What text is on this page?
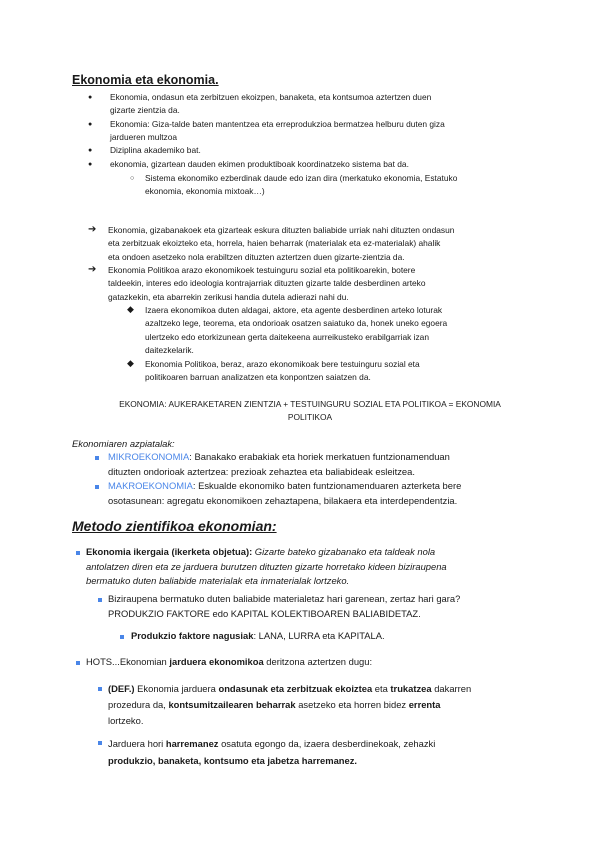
Ekonomia eta ekonomia.
● Ekonomia, ondasun eta zerbitzuen ekoizpen, banaketa, eta kontsumoa aztertzen duen
gizarte zientzia da.
● Ekonomia: Giza-talde baten mantentzea eta erreprodukzioa bermatzea helburu duten giza
jardueren multzoa
● Diziplina akademiko bat.
● ekonomia, gizartean dauden ekimen produktiboak koordinatzeko sistema bat da.
○ Sistema ekonomiko ezberdinak daude edo izan dira (merkatuko ekonomia, Estatuko
ekonomia, ekonomia mixtoak…)
➔ Ekonomia, gizabanakoek eta gizarteak eskura dituzten baliabide urriak nahi dituzten ondasun
eta zerbitzuak ekoizteko eta, horrela, haien beharrak (materialak eta ez-materialak) ahalik
eta ondoen asetzeko nola erabiltzen dituzten aztertzen duen gizarte-zientzia da.
➔ Ekonomia Politikoa arazo ekonomikoek testuinguru sozial eta politikoarekin, botere
taldeekin, interes edo ideologia kontrajarriak dituzten gizarte talde desberdinen arteko
gatazkekin, eta abarrekin zerikusi handia dutela adierazi nahi du.
◆ Izaera ekonomikoa duten aldagai, aktore, eta agente desberdinen arteko loturak
azaltzeko lege, teorema, eta ondorioak osatzen saiatuko da, honek uneko egoera
ulertzeko edo etorkizunean gerta daitekeena aurreikusteko erabilgarriak izan
daitezkelarik.
◆ Ekonomia Politikoa, beraz, arazo ekonomikoak bere testuinguru sozial eta
politikoaren barruan analizatzen eta konpontzen saiatzen da.
EKONOMIA: AUKERAKETAREN ZIENTZIA + TESTUINGURU SOZIAL ETA POLITIKOA = EKONOMIA
POLITIKOA
Ekonomiaren azpiatalak:
MIKROEKONOMIA: Banakako erabakiak eta horiek merkatuen funtzionamenduan
dituzten ondorioak aztertzea: prezioak zehaztea eta baliabideak esleitzea.
MAKROEKONOMIA: Eskualde ekonomiko baten funtzionamenduaren azterketa bere
osotasunean: agregatu ekonomikoen zehaztapena, bilakaera eta interdependentzia.
Metodo zientifikoa ekonomian:
Ekonomia ikergaia (ikerketa objetua): Gizarte bateko gizabanako eta taldeak nola
antolatzen diren eta ze jarduera burutzen dituzten gizarte horretako kideen biziraupena
bermatuko duten baliabide materialak eta inmaterialak lortzeko.
Biziraupena bermatuko duten baliabide materialetaz hari garenean, zertaz hari gara?
PRODUKZIO FAKTORE edo KAPITAL KOLEKTIBOAREN BALIABIDETAZ.
Produkzio faktore nagusiak: LANA, LURRA eta KAPITALA.
HOTS...Ekonomian jarduera ekonomikoa deritzona aztertzen dugu:
(DEF.) Ekonomia jarduera ondasunak eta zerbitzuak ekoiztea eta trukatzea dakarren
prozedura da, kontsumitzailearen beharrak asetzeko eta horren bidez errenta
lortzeko.
Jarduera hori harremanez osatuta egongo da, izaera desberdinekoak, zehazki
produkzio, banaketa, kontsumo eta jabetza harremanez.
